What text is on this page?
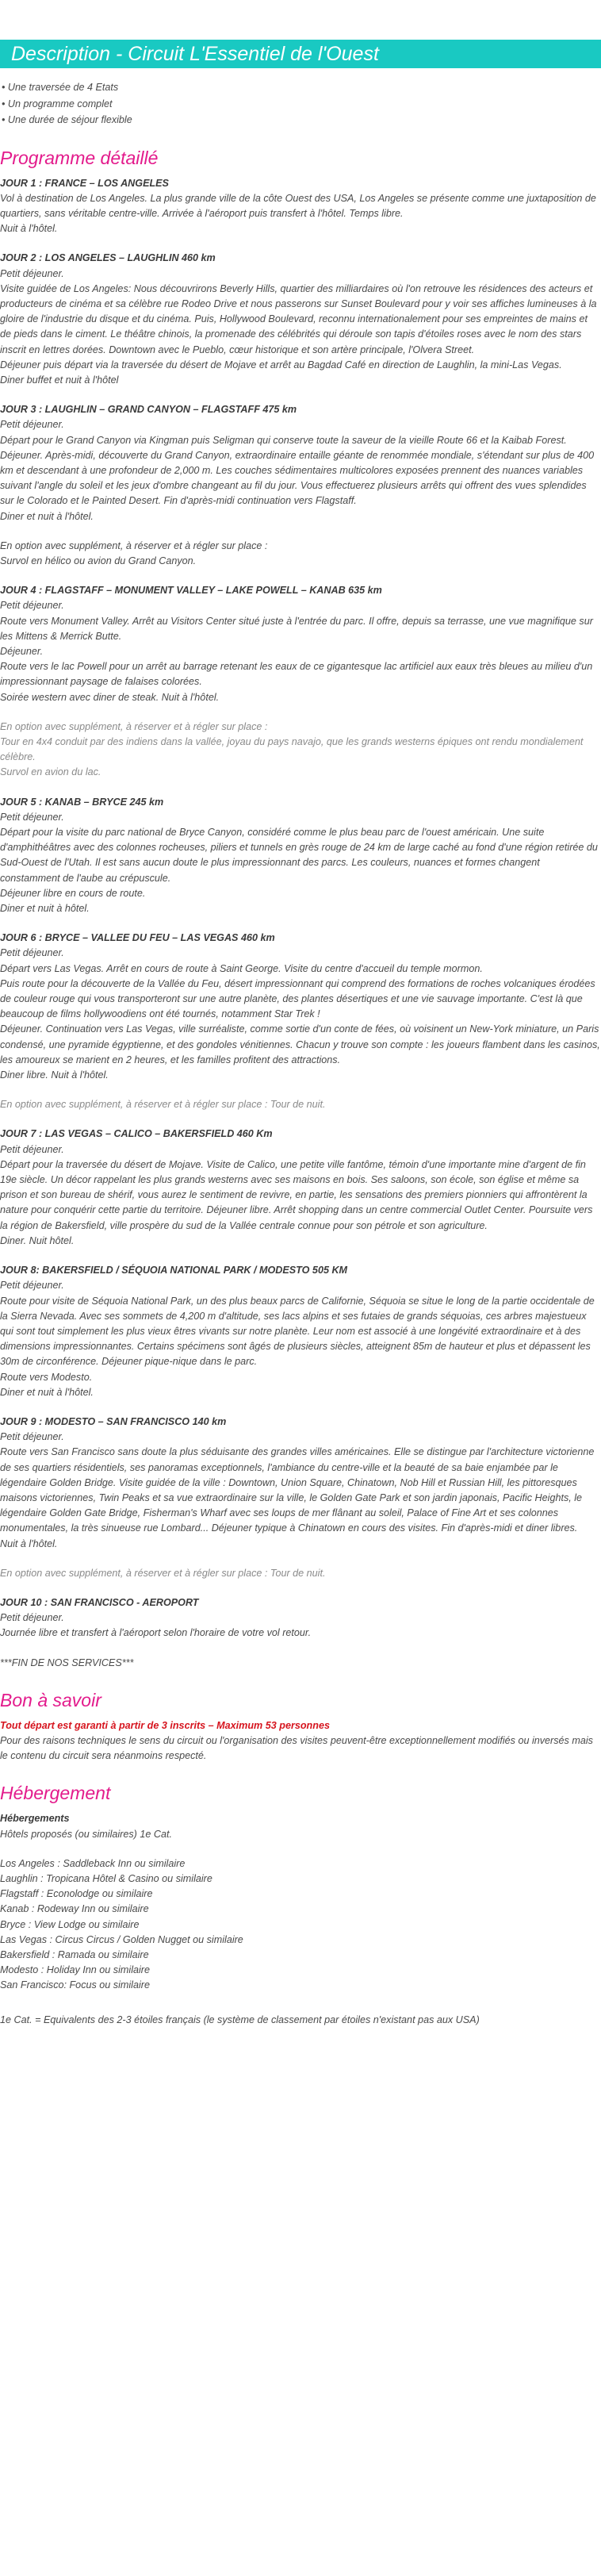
Description - Circuit L'Essentiel de l'Ouest
• Une traversée de 4 Etats
• Un programme complet
• Une durée de séjour flexible
Programme détaillé
JOUR 1 : FRANCE – LOS ANGELES
Vol à destination de Los Angeles. La plus grande ville de la côte Ouest des USA, Los Angeles se présente comme une juxtaposition de quartiers, sans véritable centre-ville. Arrivée à l'aéroport puis transfert à l'hôtel. Temps libre.
Nuit à l'hôtel.
JOUR 2 : LOS ANGELES – LAUGHLIN 460 km
Petit déjeuner.
Visite guidée de Los Angeles: Nous découvrirons Beverly Hills, quartier des milliardaires où l'on retrouve les résidences des acteurs et producteurs de cinéma et sa célèbre rue Rodeo Drive et nous passerons sur Sunset Boulevard pour y voir ses affiches lumineuses à la gloire de l'industrie du disque et du cinéma. Puis, Hollywood Boulevard, reconnu internationalement pour ses empreintes de mains et de pieds dans le ciment. Le théâtre chinois, la promenade des célébrités qui déroule son tapis d'étoiles roses avec le nom des stars inscrit en lettres dorées. Downtown avec le Pueblo, cœur historique et son artère principale, l'Olvera Street.
Déjeuner puis départ via la traversée du désert de Mojave et arrêt au Bagdad Café en direction de Laughlin, la mini-Las Vegas.
Diner buffet et nuit à l'hôtel
JOUR 3 : LAUGHLIN – GRAND CANYON – FLAGSTAFF 475 km
Petit déjeuner.
Départ pour le Grand Canyon via Kingman puis Seligman qui conserve toute la saveur de la vieille Route 66 et la Kaibab Forest.
Déjeuner. Après-midi, découverte du Grand Canyon, extraordinaire entaille géante de renommée mondiale, s'étendant sur plus de 400 km et descendant à une profondeur de 2,000 m. Les couches sédimentaires multicolores exposées prennent des nuances variables suivant l'angle du soleil et les jeux d'ombre changeant au fil du jour. Vous effectuerez plusieurs arrêts qui offrent des vues splendides sur le Colorado et le Painted Desert. Fin d'après-midi continuation vers Flagstaff.
Diner et nuit à l'hôtel.
En option avec supplément, à réserver et à régler sur place :
Survol en hélico ou avion du Grand Canyon.
JOUR 4 : FLAGSTAFF – MONUMENT VALLEY – LAKE POWELL – KANAB 635 km
Petit déjeuner.
Route vers Monument Valley. Arrêt au Visitors Center situé juste à l'entrée du parc. Il offre, depuis sa terrasse, une vue magnifique sur les Mittens & Merrick Butte.
Déjeuner.
Route vers le lac Powell pour un arrêt au barrage retenant les eaux de ce gigantesque lac artificiel aux eaux très bleues au milieu d'un impressionnant paysage de falaises colorées.
Soirée western avec diner de steak. Nuit à l'hôtel.
En option avec supplément, à réserver et à régler sur place :
Tour en 4x4 conduit par des indiens dans la vallée, joyau du pays navajo, que les grands westerns épiques ont rendu mondialement célèbre.
Survol en avion du lac.
JOUR 5 : KANAB – BRYCE 245 km
Petit déjeuner.
Départ pour la visite du parc national de Bryce Canyon, considéré comme le plus beau parc de l'ouest américain. Une suite d'amphithéâtres avec des colonnes rocheuses, piliers et tunnels en grès rouge de 24 km de large caché au fond d'une région retirée du Sud-Ouest de l'Utah. Il est sans aucun doute le plus impressionnant des parcs. Les couleurs, nuances et formes changent constamment de l'aube au crépuscule.
Déjeuner libre en cours de route.
Diner et nuit à hôtel.
JOUR 6 : BRYCE – VALLEE DU FEU – LAS VEGAS 460 km
Petit déjeuner.
Départ vers Las Vegas. Arrêt en cours de route à Saint George. Visite du centre d'accueil du temple mormon.
Puis route pour la découverte de la Vallée du Feu, désert impressionnant qui comprend des formations de roches volcaniques érodées de couleur rouge qui vous transporteront sur une autre planète, des plantes désertiques et une vie sauvage importante. C'est là que beaucoup de films hollywoodiens ont été tournés, notamment Star Trek !
Déjeuner. Continuation vers Las Vegas, ville surréaliste, comme sortie d'un conte de fées, où voisinent un New-York miniature, un Paris condensé, une pyramide égyptienne, et des gondoles vénitiennes. Chacun y trouve son compte : les joueurs flambent dans les casinos, les amoureux se marient en 2 heures, et les familles profitent des attractions.
Diner libre. Nuit à l'hôtel.
En option avec supplément, à réserver et à régler sur place : Tour de nuit.
JOUR 7 : LAS VEGAS – CALICO – BAKERSFIELD 460 Km
Petit déjeuner.
Départ pour la traversée du désert de Mojave. Visite de Calico, une petite ville fantôme, témoin d'une importante mine d'argent de fin 19e siècle. Un décor rappelant les plus grands westerns avec ses maisons en bois. Ses saloons, son école, son église et même sa prison et son bureau de shérif, vous aurez le sentiment de revivre, en partie, les sensations des premiers pionniers qui affrontèrent la nature pour conquérir cette partie du territoire. Déjeuner libre. Arrêt shopping dans un centre commercial Outlet Center. Poursuite vers la région de Bakersfield, ville prospère du sud de la Vallée centrale connue pour son pétrole et son agriculture.
Diner. Nuit hôtel.
JOUR 8: BAKERSFIELD / SÉQUOIA NATIONAL PARK / MODESTO 505 KM
Petit déjeuner.
Route pour visite de Séquoia National Park, un des plus beaux parcs de Californie, Séquoia se situe le long de la partie occidentale de la Sierra Nevada. Avec ses sommets de 4,200 m d'altitude, ses lacs alpins et ses futaies de grands séquoias, ces arbres majestueux qui sont tout simplement les plus vieux êtres vivants sur notre planète. Leur nom est associé à une longévité extraordinaire et à des dimensions impressionnantes. Certains spécimens sont âgés de plusieurs siècles, atteignent 85m de hauteur et plus et dépassent les 30m de circonférence. Déjeuner pique-nique dans le parc.
Route vers Modesto.
Diner et nuit à l'hôtel.
JOUR 9 : MODESTO – SAN FRANCISCO 140 km
Petit déjeuner.
Route vers San Francisco sans doute la plus séduisante des grandes villes américaines. Elle se distingue par l'architecture victorienne de ses quartiers résidentiels, ses panoramas exceptionnels, l'ambiance du centre-ville et la beauté de sa baie enjambée par le légendaire Golden Bridge. Visite guidée de la ville : Downtown, Union Square, Chinatown, Nob Hill et Russian Hill, les pittoresques maisons victoriennes, Twin Peaks et sa vue extraordinaire sur la ville, le Golden Gate Park et son jardin japonais, Pacific Heights, le légendaire Golden Gate Bridge, Fisherman's Wharf avec ses loups de mer flânant au soleil, Palace of Fine Art et ses colonnes monumentales, la très sinueuse rue Lombard... Déjeuner typique à Chinatown en cours des visites. Fin d'après-midi et diner libres.
Nuit à l'hôtel.
En option avec supplément, à réserver et à régler sur place : Tour de nuit.
JOUR 10 : SAN FRANCISCO - AEROPORT
Petit déjeuner.
Journée libre et transfert à l'aéroport selon l'horaire de votre vol retour.
***FIN DE NOS SERVICES***
Bon à savoir
Tout départ est garanti à partir de 3 inscrits – Maximum 53 personnes
Pour des raisons techniques le sens du circuit ou l'organisation des visites peuvent-être exceptionnellement modifiés ou inversés mais le contenu du circuit sera néanmoins respecté.
Hébergement
Hébergements
Hôtels proposés (ou similaires) 1e Cat.
Los Angeles : Saddleback Inn ou similaire
Laughlin : Tropicana Hôtel & Casino ou similaire
Flagstaff : Econolodge ou similaire
Kanab : Rodeway Inn ou similaire
Bryce : View Lodge ou similaire
Las Vegas : Circus Circus / Golden Nugget ou similaire
Bakersfield : Ramada ou similaire
Modesto : Holiday Inn ou similaire
San Francisco: Focus ou similaire
1e Cat. = Equivalents des 2-3 étoiles français (le système de classement par étoiles n'existant pas aux USA)
